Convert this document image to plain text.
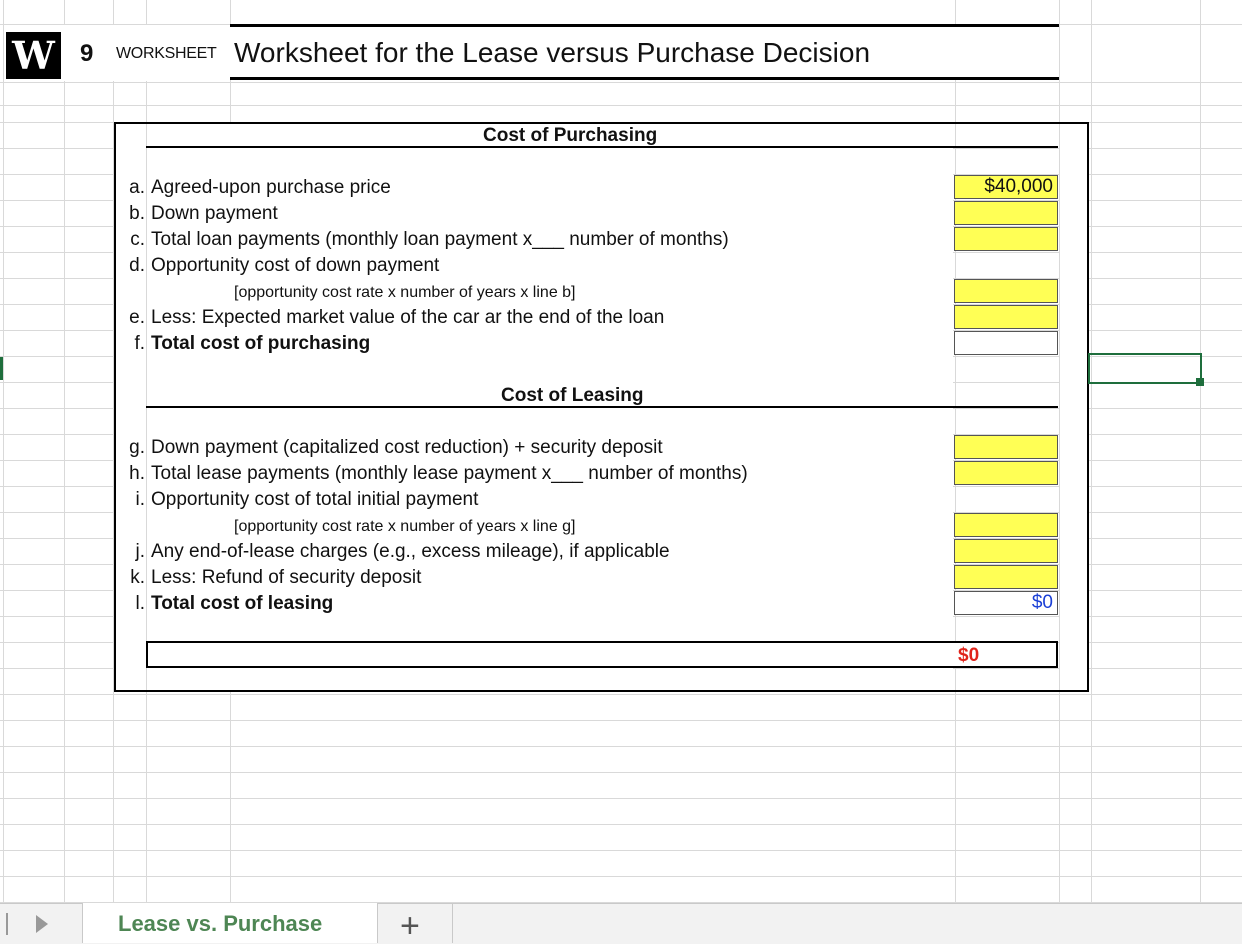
W 9 WORKSHEET Worksheet for the Lease versus Purchase Decision
Cost of Purchasing
a. Agreed-upon purchase price	$40,000
b. Down payment
c. Total loan payments (monthly loan payment x___ number of months)
d. Opportunity cost of down payment
[opportunity cost rate x number of years x line b]
e. Less: Expected market value of the car ar the end of the loan
f. Total cost of purchasing
Cost of Leasing
g. Down payment (capitalized cost reduction) + security deposit
h. Total lease payments (monthly lease payment x___ number of months)
i. Opportunity cost of total initial payment
[opportunity cost rate x number of years x line g]
j. Any end-of-lease charges (e.g., excess mileage), if applicable
k. Less: Refund of security deposit
l. Total cost of leasing	$0
$0
Lease vs. Purchase +
